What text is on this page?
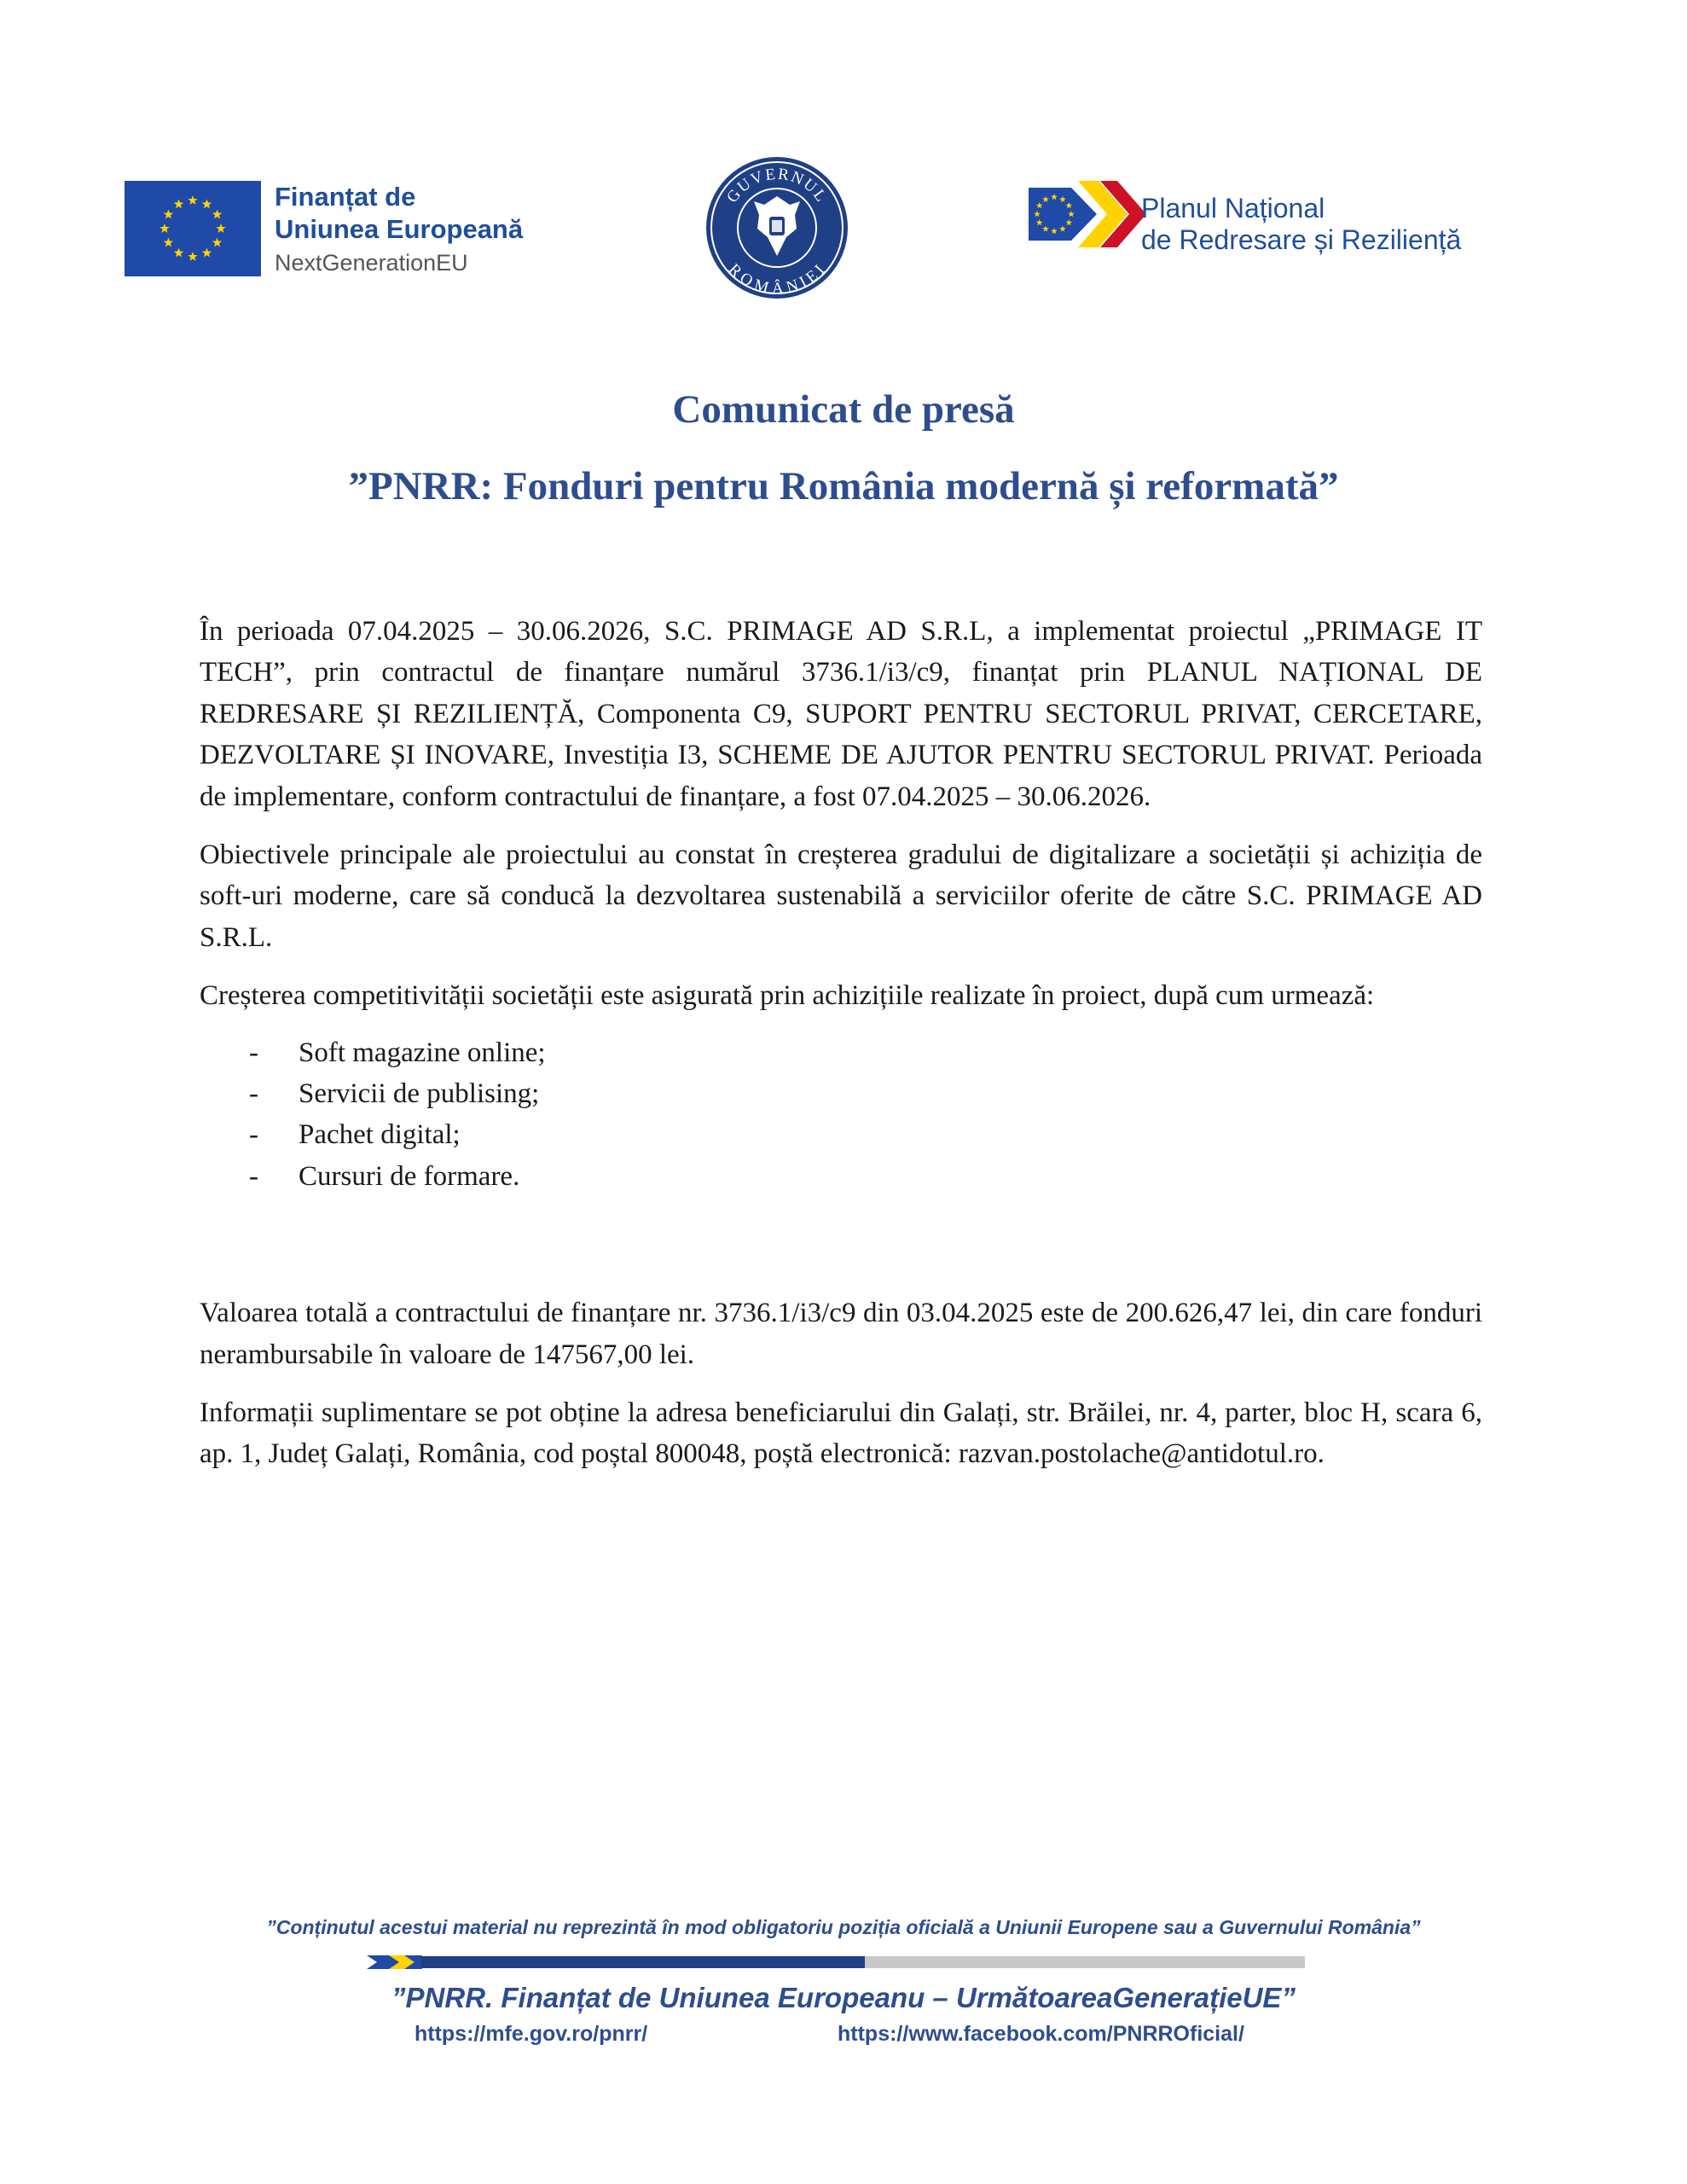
Finanțat de
Uniunea Europeană
NextGenerationEU
GUVERNUL
ROMÂNIEI
Planul Național
de Redresare și Reziliență
Comunicat de presă
”PNRR: Fonduri pentru România modernă și reformată”

În perioada 07.04.2025 – 30.06.2026, S.C. PRIMAGE AD S.R.L, a implementat proiectul „PRIMAGE IT TECH”, prin contractul de finanțare numărul 3736.1/i3/c9, finanțat prin PLANUL NAȚIONAL DE REDRESARE ȘI REZILIENȚĂ, Componenta C9, SUPORT PENTRU SECTORUL PRIVAT, CERCETARE, DEZVOLTARE ȘI INOVARE, Investiția I3, SCHEME DE AJUTOR PENTRU SECTORUL PRIVAT. Perioada de implementare, conform contractului de finanțare, a fost 07.04.2025 – 30.06.2026.

Obiectivele principale ale proiectului au constat în creșterea gradului de digitalizare a societății și achiziția de soft-uri moderne, care să conducă la dezvoltarea sustenabilă a serviciilor oferite de către S.C. PRIMAGE AD S.R.L.

Creșterea competitivității societății este asigurată prin achizițiile realizate în proiect, după cum urmează:

- Soft magazine online;
- Servicii de publising;
- Pachet digital;
- Cursuri de formare.

Valoarea totală a contractului de finanțare nr. 3736.1/i3/c9 din 03.04.2025 este de 200.626,47 lei, din care fonduri nerambursabile în valoare de 147567,00 lei.

Informații suplimentare se pot obține la adresa beneficiarului din Galați, str. Brăilei, nr. 4, parter, bloc H, scara 6, ap. 1, Județ Galați, România, cod poștal 800048, poștă electronică: razvan.postolache@antidotul.ro.

”Conținutul acestui material nu reprezintă în mod obligatoriu poziția oficială a Uniunii Europene sau a Guvernului România”
”PNRR. Finanțat de Uniunea Europeanu – UrmătoareaGenerațieUE”
https://mfe.gov.ro/pnrr/	https://www.facebook.com/PNRROficial/
